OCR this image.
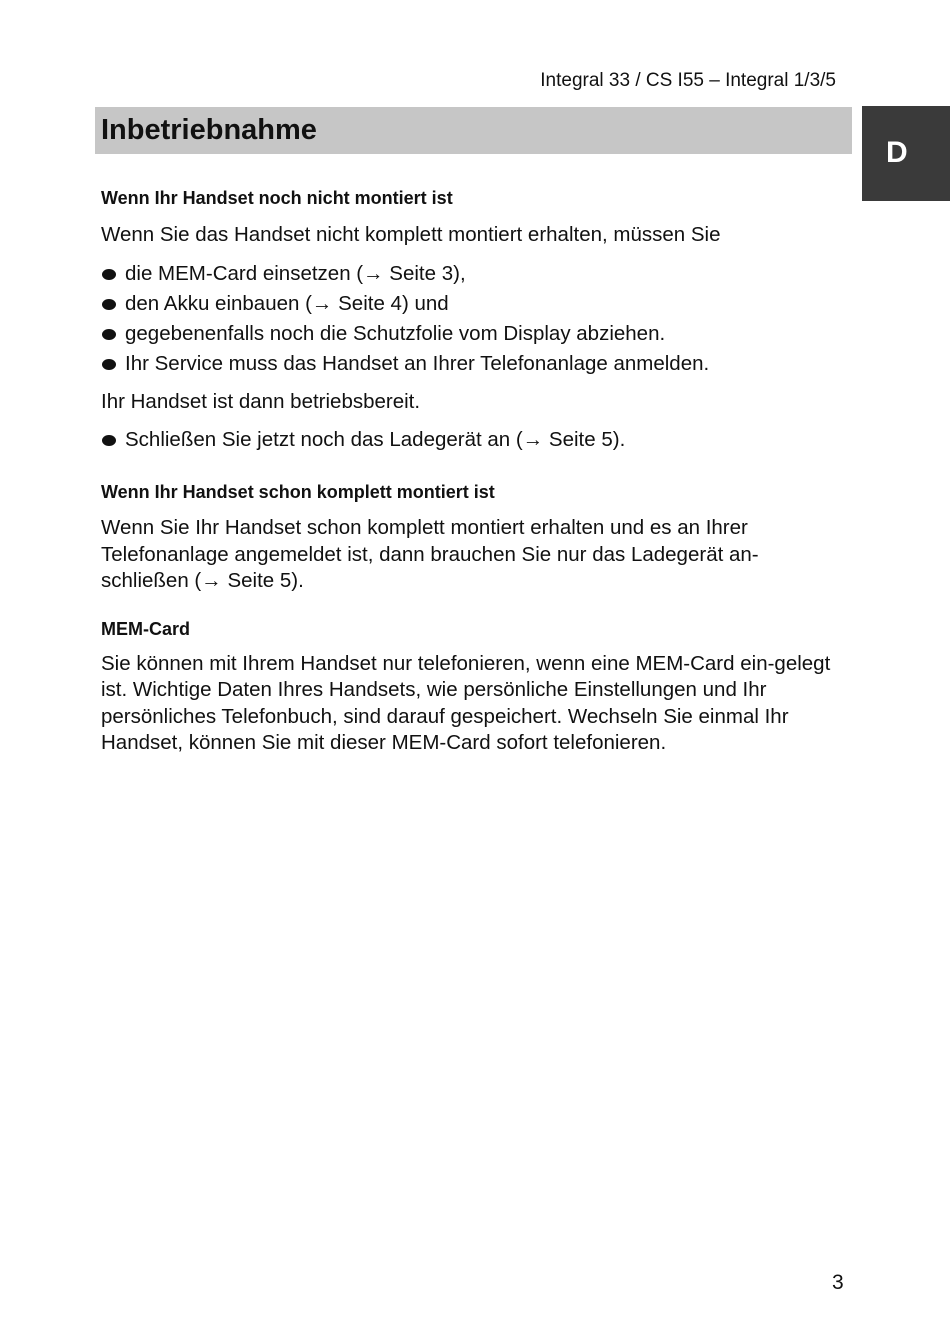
Integral 33 / CS I55 – Integral 1/3/5
Inbetriebnahme
D
Wenn Ihr Handset noch nicht montiert ist

Wenn Sie das Handset nicht komplett montiert erhalten, müssen Sie

die MEM-Card einsetzen (→ Seite 3),
den Akku einbauen (→ Seite 4) und
gegebenenfalls noch die Schutzfolie vom Display abziehen.
Ihr Service muss das Handset an Ihrer Telefonanlage anmelden.

Ihr Handset ist dann betriebsbereit.

Schließen Sie jetzt noch das Ladegerät an (→ Seite 5).
Wenn Ihr Handset schon komplett montiert ist

Wenn Sie Ihr Handset schon komplett montiert erhalten und es an Ihrer Telefonanlage angemeldet ist, dann brauchen Sie nur das Ladegerät an-schließen (→ Seite 5).

MEM-Card

Sie können mit Ihrem Handset nur telefonieren, wenn eine MEM-Card ein-gelegt ist. Wichtige Daten Ihres Handsets, wie persönliche Einstellungen und Ihr persönliches Telefonbuch, sind darauf gespeichert. Wechseln Sie einmal Ihr Handset, können Sie mit dieser MEM-Card sofort telefonieren.

3
